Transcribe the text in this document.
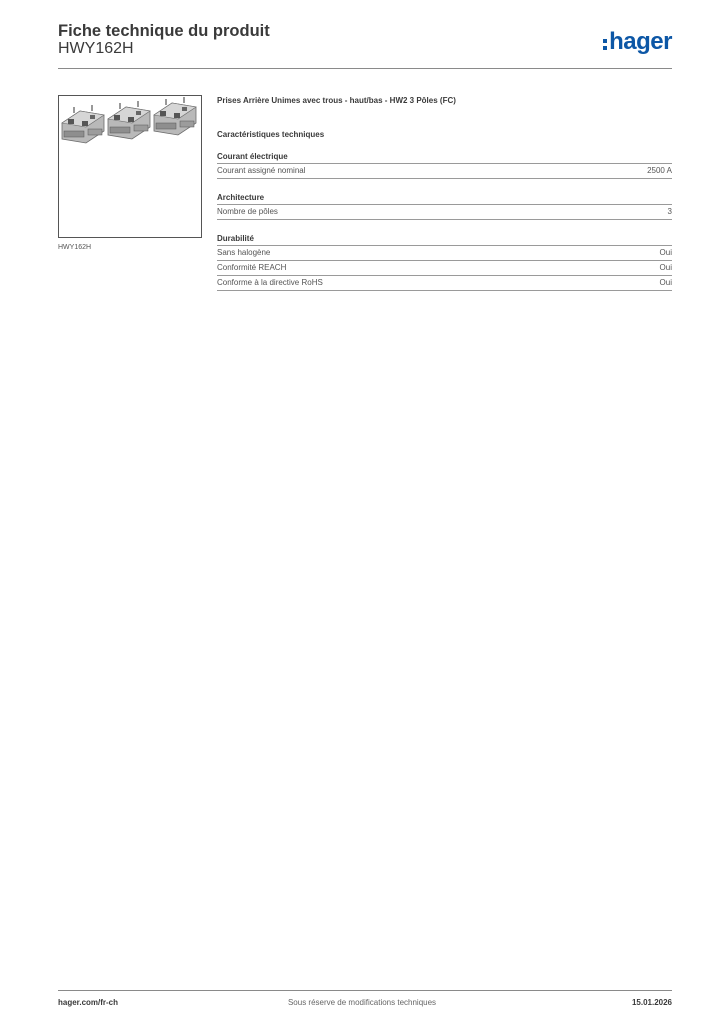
Fiche technique du produit
HWY162H	hager
HWY162H
Prises Arrière Unimes avec trous - haut/bas - HW2 3 Pôles (FC)
Caractéristiques techniques
Courant électrique
Courant assigné nominal	2500 A
Architecture
Nombre de pôles	3
Durabilité
Sans halogène	Oui
Conformité REACH	Oui
Conforme à la directive RoHS	Oui
hager.com/fr-ch	Sous réserve de modifications techniques	15.01.2026
